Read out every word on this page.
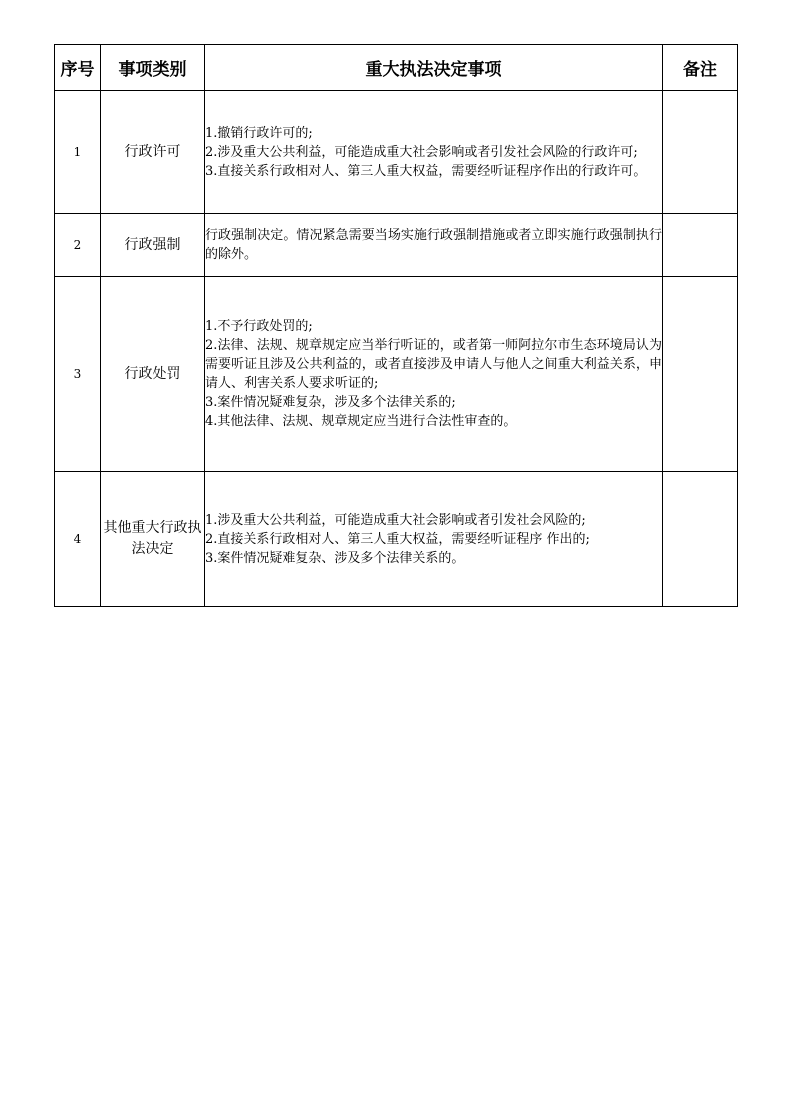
序号	事项类别	重大执法决定事项	备注
1	行政许可	1.撤销行政许可的;
2.涉及重大公共利益，可能造成重大社会影响或者引发社会风险的行政许可;
3.直接关系行政相对人、第三人重大权益，需要经听证程序作出的行政许可。	

2	行政强制	行政强制决定。情况紧急需要当场实施行政强制措施或者立即实施行政强制执行的除外。	

3	行政处罚	1.不予行政处罚的;
2.法律、法规、规章规定应当举行听证的，或者第一师阿拉尔市生态环境局认为需要听证且涉及公共利益的，或者直接涉及申请人与他人之间重大利益关系，申请人、利害关系人要求听证的;
3.案件情况疑难复杂，涉及多个法律关系的;
4.其他法律、法规、规章规定应当进行合法性审查的。	

4	其他重大行政执法决定	1.涉及重大公共利益，可能造成重大社会影响或者引发社会风险的;
2.直接关系行政相对人、第三人重大权益，需要经听证程序 作出的;
3.案件情况疑难复杂、涉及多个法律关系的。	
